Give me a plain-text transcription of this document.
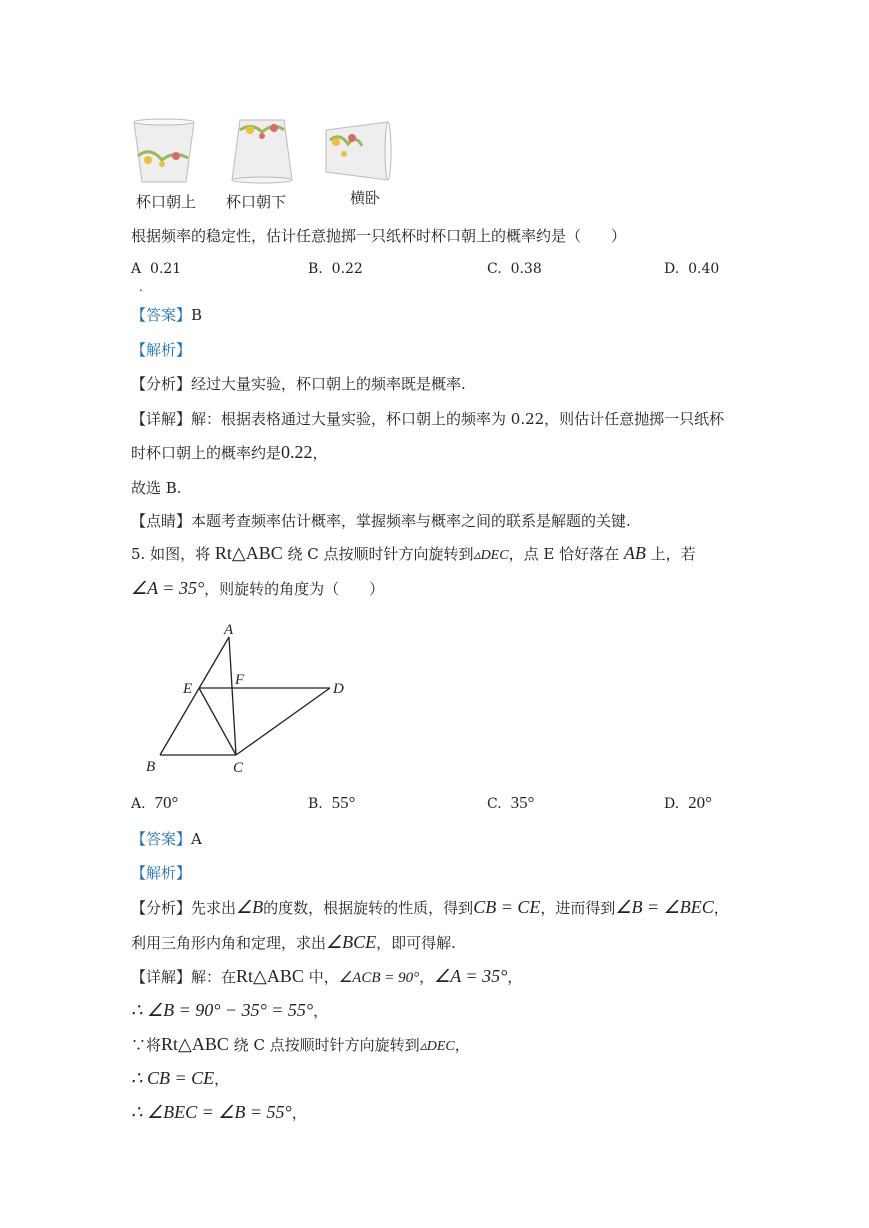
杯口朝上 杯口朝下	横卧
根据频率的稳定性，估计任意抛掷一只纸杯时杯口朝上的概率约是（　　）
A 0.21
.
B. 0.22	C. 0.38	D. 0.40
【答案】B
【解析】
【分析】经过大量实验，杯口朝上的频率既是概率.
【详解】解：根据表格通过大量实验，杯口朝上的频率为 0.22，则估计任意抛掷一只纸杯
时杯口朝上的概率约是0.22，
故选 B.
【点睛】本题考查频率估计概率，掌握频率与概率之间的联系是解题的关键.
5. 如图，将 Rt△ABC 绕 C 点按顺时针方向旋转到▵DEC，点 E 恰好落在 AB 上，若
∠A = 35°，则旋转的角度为（　　）
A
B	C
D
E
F
A. 70°	B. 55°	C. 35°	D. 20°
【答案】A
【解析】
【分析】先求出∠B的度数，根据旋转的性质，得到CB = CE，进而得到∠B = ∠BEC，
利用三角形内角和定理，求出∠BCE，即可得解.
【详解】解：在Rt△ABC 中，∠ACB = 90°，∠A = 35°，
∴ ∠B = 90° − 35° = 55°，
∵将Rt△ABC 绕 C 点按顺时针方向旋转到▵DEC，
∴ CB = CE，
∴ ∠BEC = ∠B = 55°，
